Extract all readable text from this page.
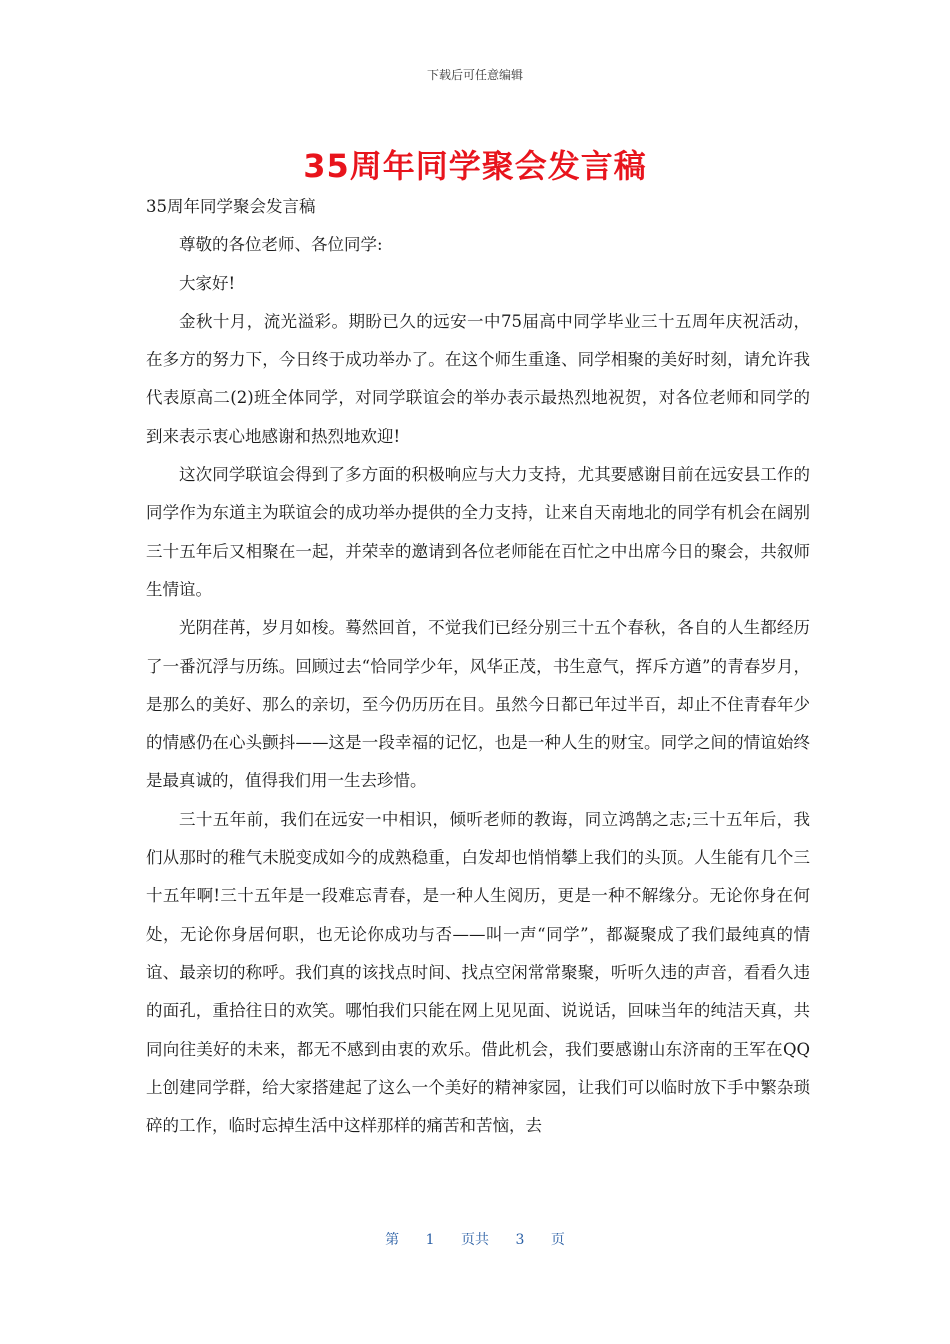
下载后可任意编辑
35周年同学聚会发言稿

35周年同学聚会发言稿

尊敬的各位老师、各位同学:

大家好!

金秋十月，流光溢彩。期盼已久的远安一中75届高中同学毕业三十五周年庆祝活动，在多方的努力下，今日终于成功举办了。在这个师生重逢、同学相聚的美好时刻，请允许我代表原高二(2)班全体同学，对同学联谊会的举办表示最热烈地祝贺，对各位老师和同学的到来表示衷心地感谢和热烈地欢迎!

这次同学联谊会得到了多方面的积极响应与大力支持，尤其要感谢目前在远安县工作的同学作为东道主为联谊会的成功举办提供的全力支持，让来自天南地北的同学有机会在阔别三十五年后又相聚在一起，并荣幸的邀请到各位老师能在百忙之中出席今日的聚会，共叙师生情谊。

光阴荏苒，岁月如梭。蓦然回首，不觉我们已经分别三十五个春秋，各自的人生都经历了一番沉浮与历练。回顾过去“恰同学少年，风华正茂，书生意气，挥斥方遒”的青春岁月，是那么的美好、那么的亲切，至今仍历历在目。虽然今日都已年过半百，却止不住青春年少的情感仍在心头颤抖——这是一段幸福的记忆，也是一种人生的财宝。同学之间的情谊始终是最真诚的，值得我们用一生去珍惜。

三十五年前，我们在远安一中相识，倾听老师的教诲，同立鸿鹄之志;三十五年后，我们从那时的稚气未脱变成如今的成熟稳重，白发却也悄悄攀上我们的头顶。人生能有几个三十五年啊!三十五年是一段难忘青春，是一种人生阅历，更是一种不解缘分。无论你身在何处，无论你身居何职，也无论你成功与否——叫一声“同学”，都凝聚成了我们最纯真的情谊、最亲切的称呼。我们真的该找点时间、找点空闲常常聚聚，听听久违的声音，看看久违的面孔，重拾往日的欢笑。哪怕我们只能在网上见见面、说说话，回味当年的纯洁天真，共同向往美好的未来，都无不感到由衷的欢乐。借此机会，我们要感谢山东济南的王军在QQ上创建同学群，给大家搭建起了这么一个美好的精神家园，让我们可以临时放下手中繁杂琐碎的工作，临时忘掉生活中这样那样的痛苦和苦恼，去

第 1 页共 3 页
